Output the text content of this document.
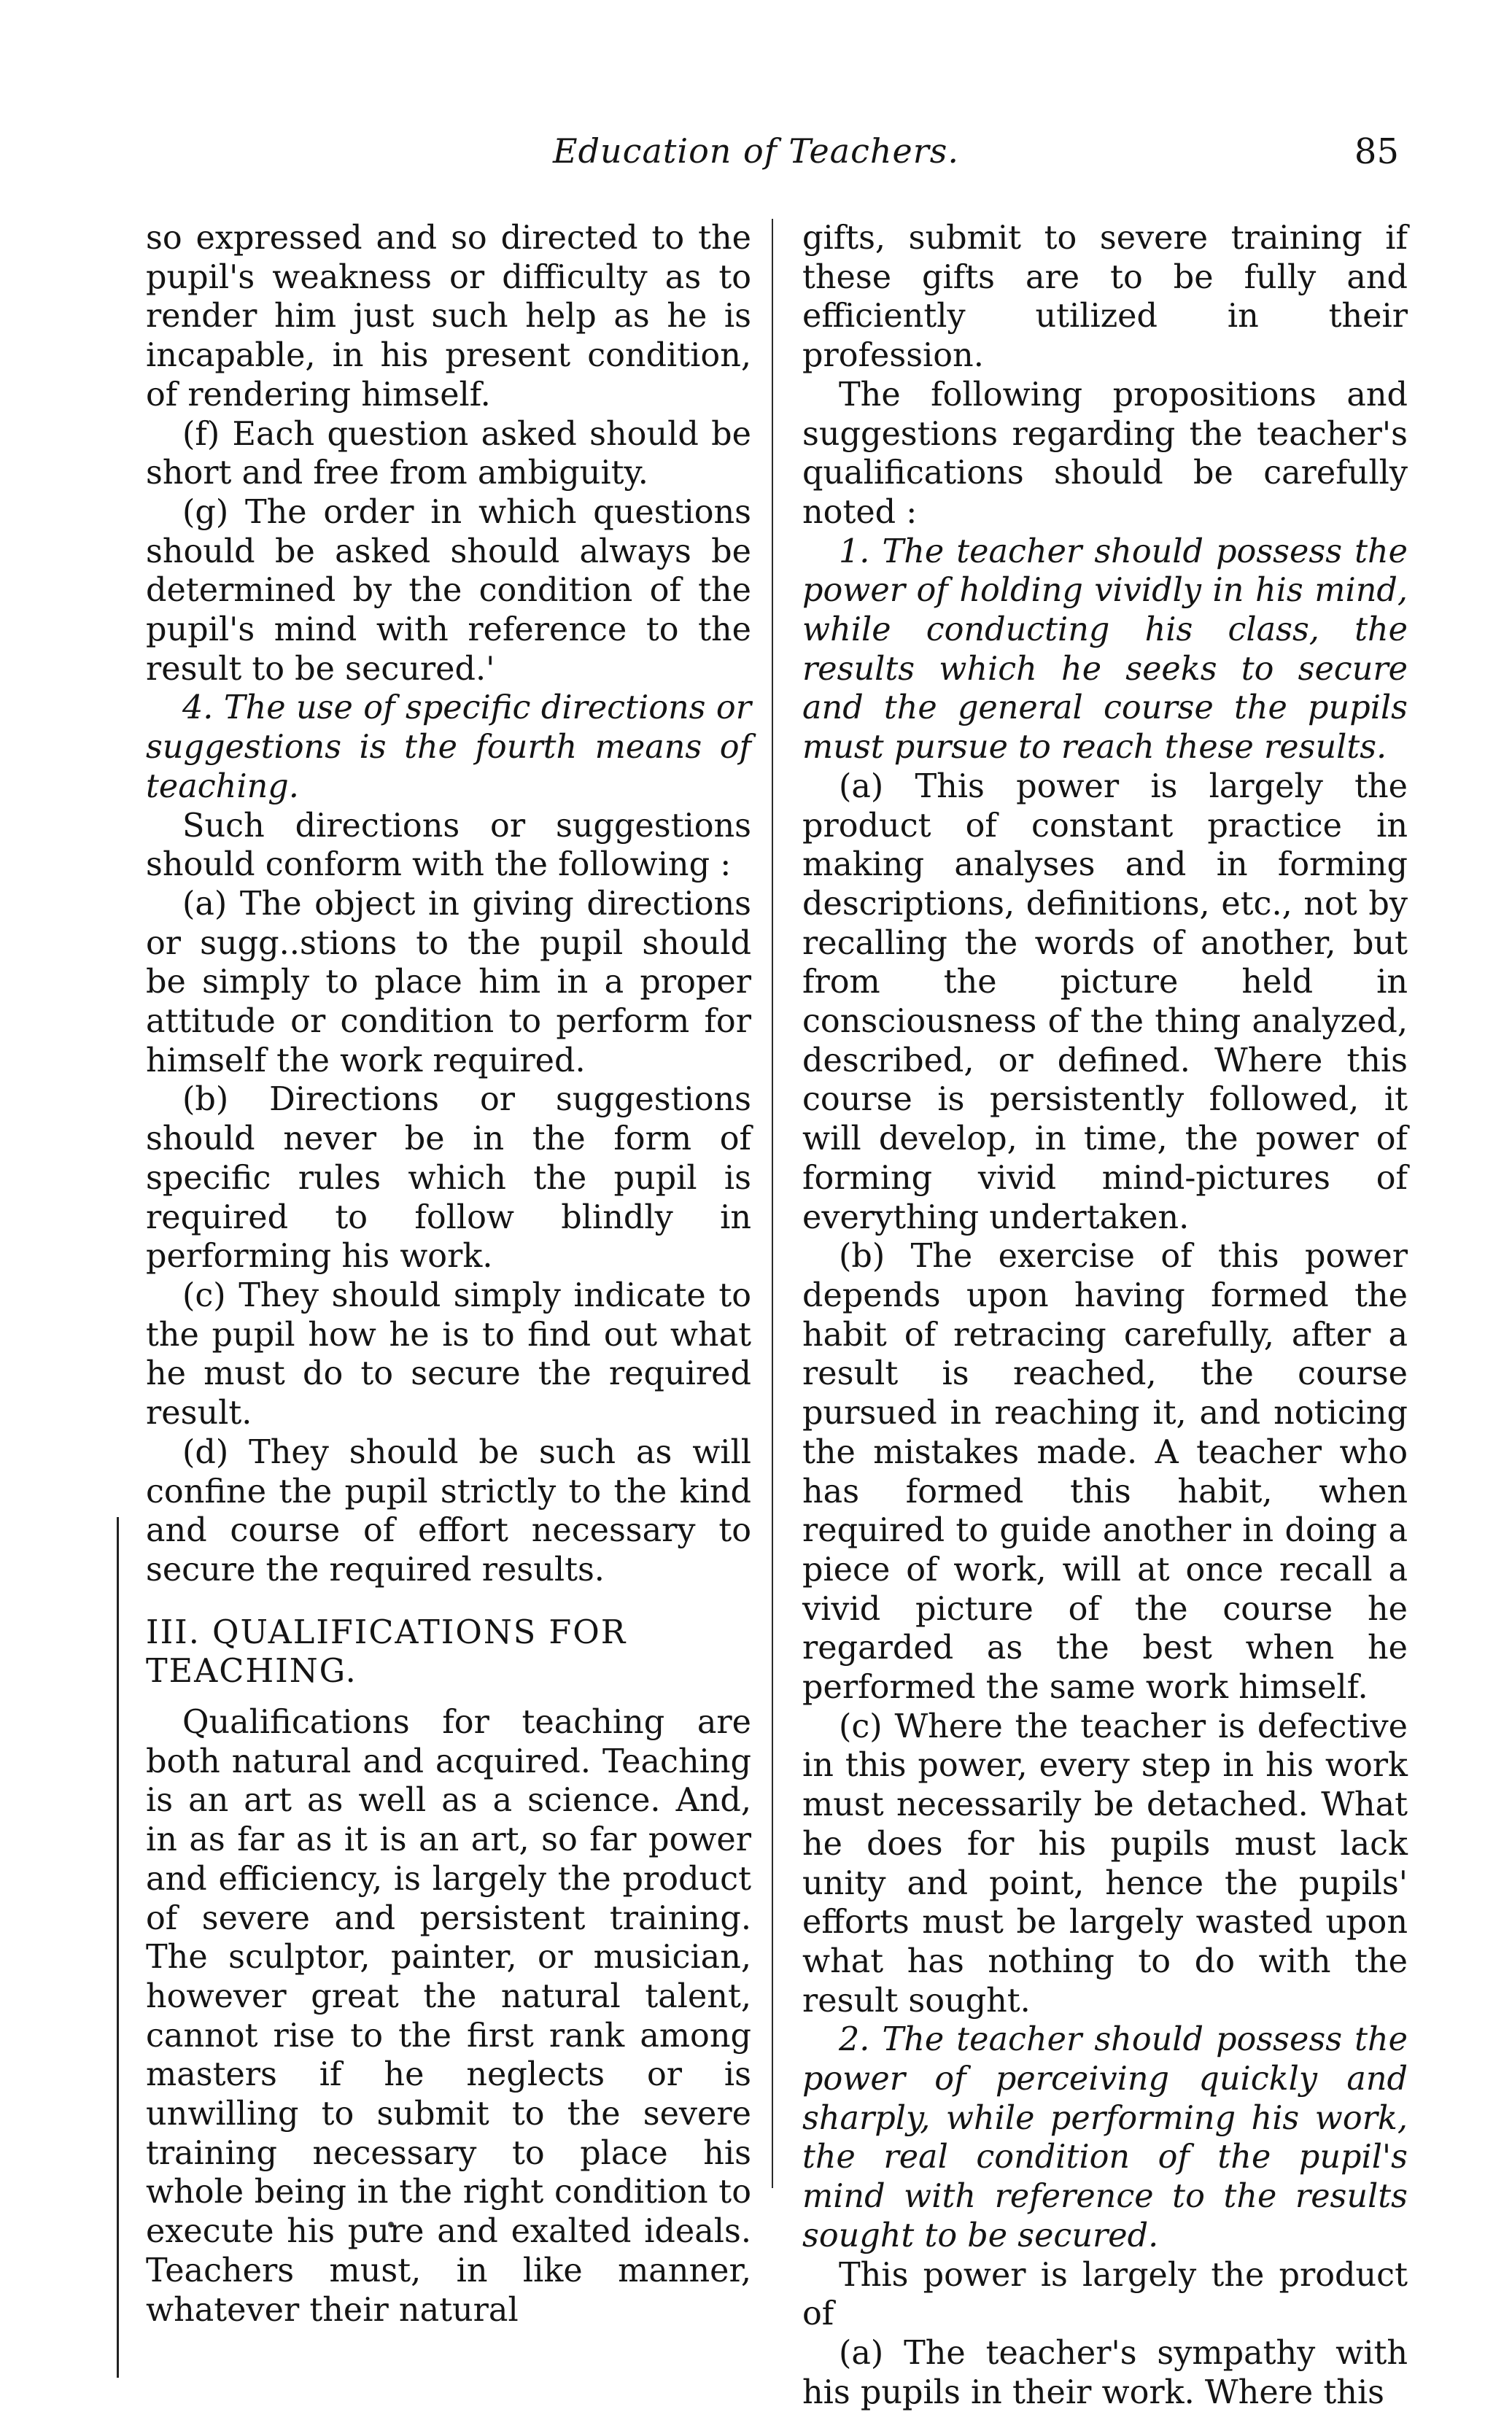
Education of Teachers.	85

so expressed and so directed to the pupil's weakness or difficulty as to render him just such help as he is incapable, in his present condition, of rendering himself.

(f) Each question asked should be short and free from ambiguity.

(g) The order in which questions should be asked should always be determined by the condition of the pupil's mind with reference to the result to be secured.'

4. The use of specific directions or suggestions is the fourth means of teaching.

Such directions or suggestions should conform with the following :

(a) The object in giving directions or sugg..stions to the pupil should be simply to place him in a proper attitude or condition to perform for himself the work required.

(b) Directions or suggestions should never be in the form of specific rules which the pupil is required to follow blindly in performing his work.

(c) They should simply indicate to the pupil how he is to find out what he must do to secure the required result.

(d) They should be such as will confine the pupil strictly to the kind and course of effort necessary to secure the required results.

III. QUALIFICATIONS FOR TEACHING.

Qualifications for teaching are both natural and acquired. Teaching is an art as well as a science. And, in as far as it is an art, so far power and efficiency, is largely the product of severe and persistent training. The sculptor, painter, or musician, however great the natural talent, cannot rise to the first rank among masters if he neglects or is unwilling to submit to the severe training necessary to place his whole being in the right condition to execute his pure and exalted ideals. Teachers must, in like manner, whatever their natural

gifts, submit to severe training if these gifts are to be fully and efficiently utilized in their profession.

The following propositions and suggestions regarding the teacher's qualifications should be carefully noted :

1. The teacher should possess the power of holding vividly in his mind, while conducting his class, the results which he seeks to secure and the general course the pupils must pursue to reach these results.

(a) This power is largely the product of constant practice in making analyses and in forming descriptions, definitions, etc., not by recalling the words of another, but from the picture held in consciousness of the thing analyzed, described, or defined. Where this course is persistently followed, it will develop, in time, the power of forming vivid mind-pictures of everything undertaken.

(b) The exercise of this power depends upon having formed the habit of retracing carefully, after a result is reached, the course pursued in reaching it, and noticing the mistakes made. A teacher who has formed this habit, when required to guide another in doing a piece of work, will at once recall a vivid picture of the course he regarded as the best when he performed the same work himself.

(c) Where the teacher is defective in this power, every step in his work must necessarily be detached. What he does for his pupils must lack unity and point, hence the pupils' efforts must be largely wasted upon what has nothing to do with the result sought.

2. The teacher should possess the power of perceiving quickly and sharply, while performing his work, the real condition of the pupil's mind with reference to the results sought to be secured.

This power is largely the product of

(a) The teacher's sympathy with his pupils in their work. Where this
